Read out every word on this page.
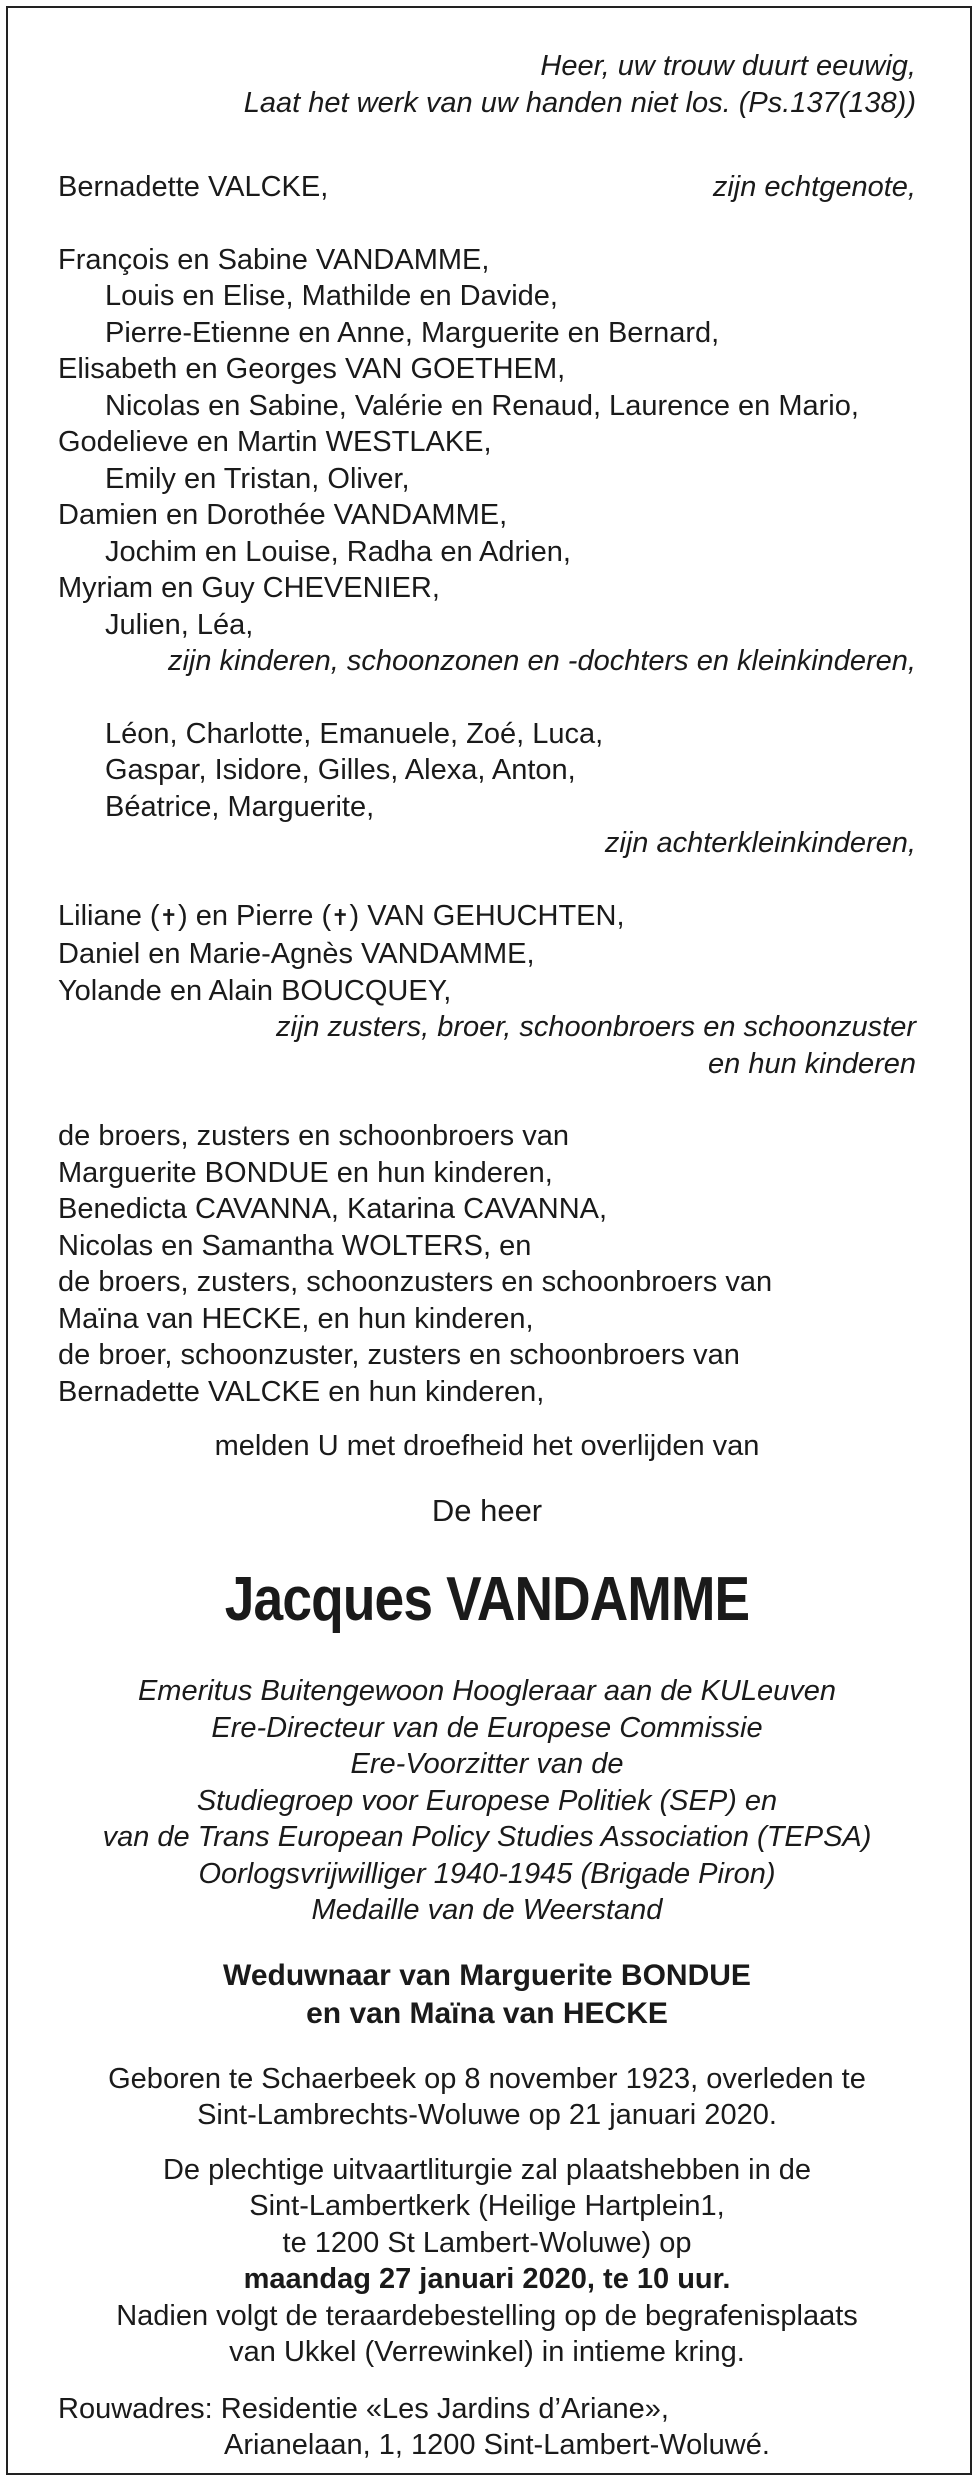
Heer, uw trouw duurt eeuwig,
Laat het werk van uw handen niet los. (Ps.137(138))
Bernadette VALCKE,	zijn echtgenote,
François en Sabine VANDAMME,
Louis en Elise, Mathilde en Davide,
Pierre-Etienne en Anne, Marguerite en Bernard,
Elisabeth en Georges VAN GOETHEM,
Nicolas en Sabine, Valérie en Renaud, Laurence en Mario,
Godelieve en Martin WESTLAKE,
Emily en Tristan, Oliver,
Damien en Dorothée VANDAMME,
Jochim en Louise, Radha en Adrien,
Myriam en Guy CHEVENIER,
Julien, Léa,
zijn kinderen, schoonzonen en -dochters en kleinkinderen,
Léon, Charlotte, Emanuele, Zoé, Luca,
Gaspar, Isidore, Gilles, Alexa, Anton,
Béatrice, Marguerite,
zijn achterkleinkinderen,
Liliane (✝) en Pierre (✝) VAN GEHUCHTEN,
Daniel en Marie-Agnès VANDAMME,
Yolande en Alain BOUCQUEY,
zijn zusters, broer, schoonbroers en schoonzuster
en hun kinderen
de broers, zusters en schoonbroers van
Marguerite BONDUE en hun kinderen,
Benedicta CAVANNA, Katarina CAVANNA,
Nicolas en Samantha WOLTERS, en
de broers, zusters, schoonzusters en schoonbroers van
Maïna van HECKE, en hun kinderen,
de broer, schoonzuster, zusters en schoonbroers van
Bernadette VALCKE en hun kinderen,
melden U met droefheid het overlijden van
De heer
Jacques VANDAMME
Emeritus Buitengewoon Hoogleraar aan de KULeuven
Ere-Directeur van de Europese Commissie
Ere-Voorzitter van de
Studiegroep voor Europese Politiek (SEP) en
van de Trans European Policy Studies Association (TEPSA)
Oorlogsvrijwilliger 1940-1945 (Brigade Piron)
Medaille van de Weerstand
Weduwnaar van Marguerite BONDUE
en van Maïna van HECKE
Geboren te Schaerbeek op 8 november 1923, overleden te
Sint-Lambrechts-Woluwe op 21 januari 2020.
De plechtige uitvaartliturgie zal plaatshebben in de
Sint-Lambertkerk (Heilige Hartplein1,
te 1200 St Lambert-Woluwe) op
maandag 27 januari 2020, te 10 uur.
Nadien volgt de teraardebestelling op de begrafenisplaats
van Ukkel (Verrewinkel) in intieme kring.
Rouwadres: Residentie «Les Jardins d’Ariane»,
Arianelaan, 1, 1200 Sint-Lambert-Woluwé.
